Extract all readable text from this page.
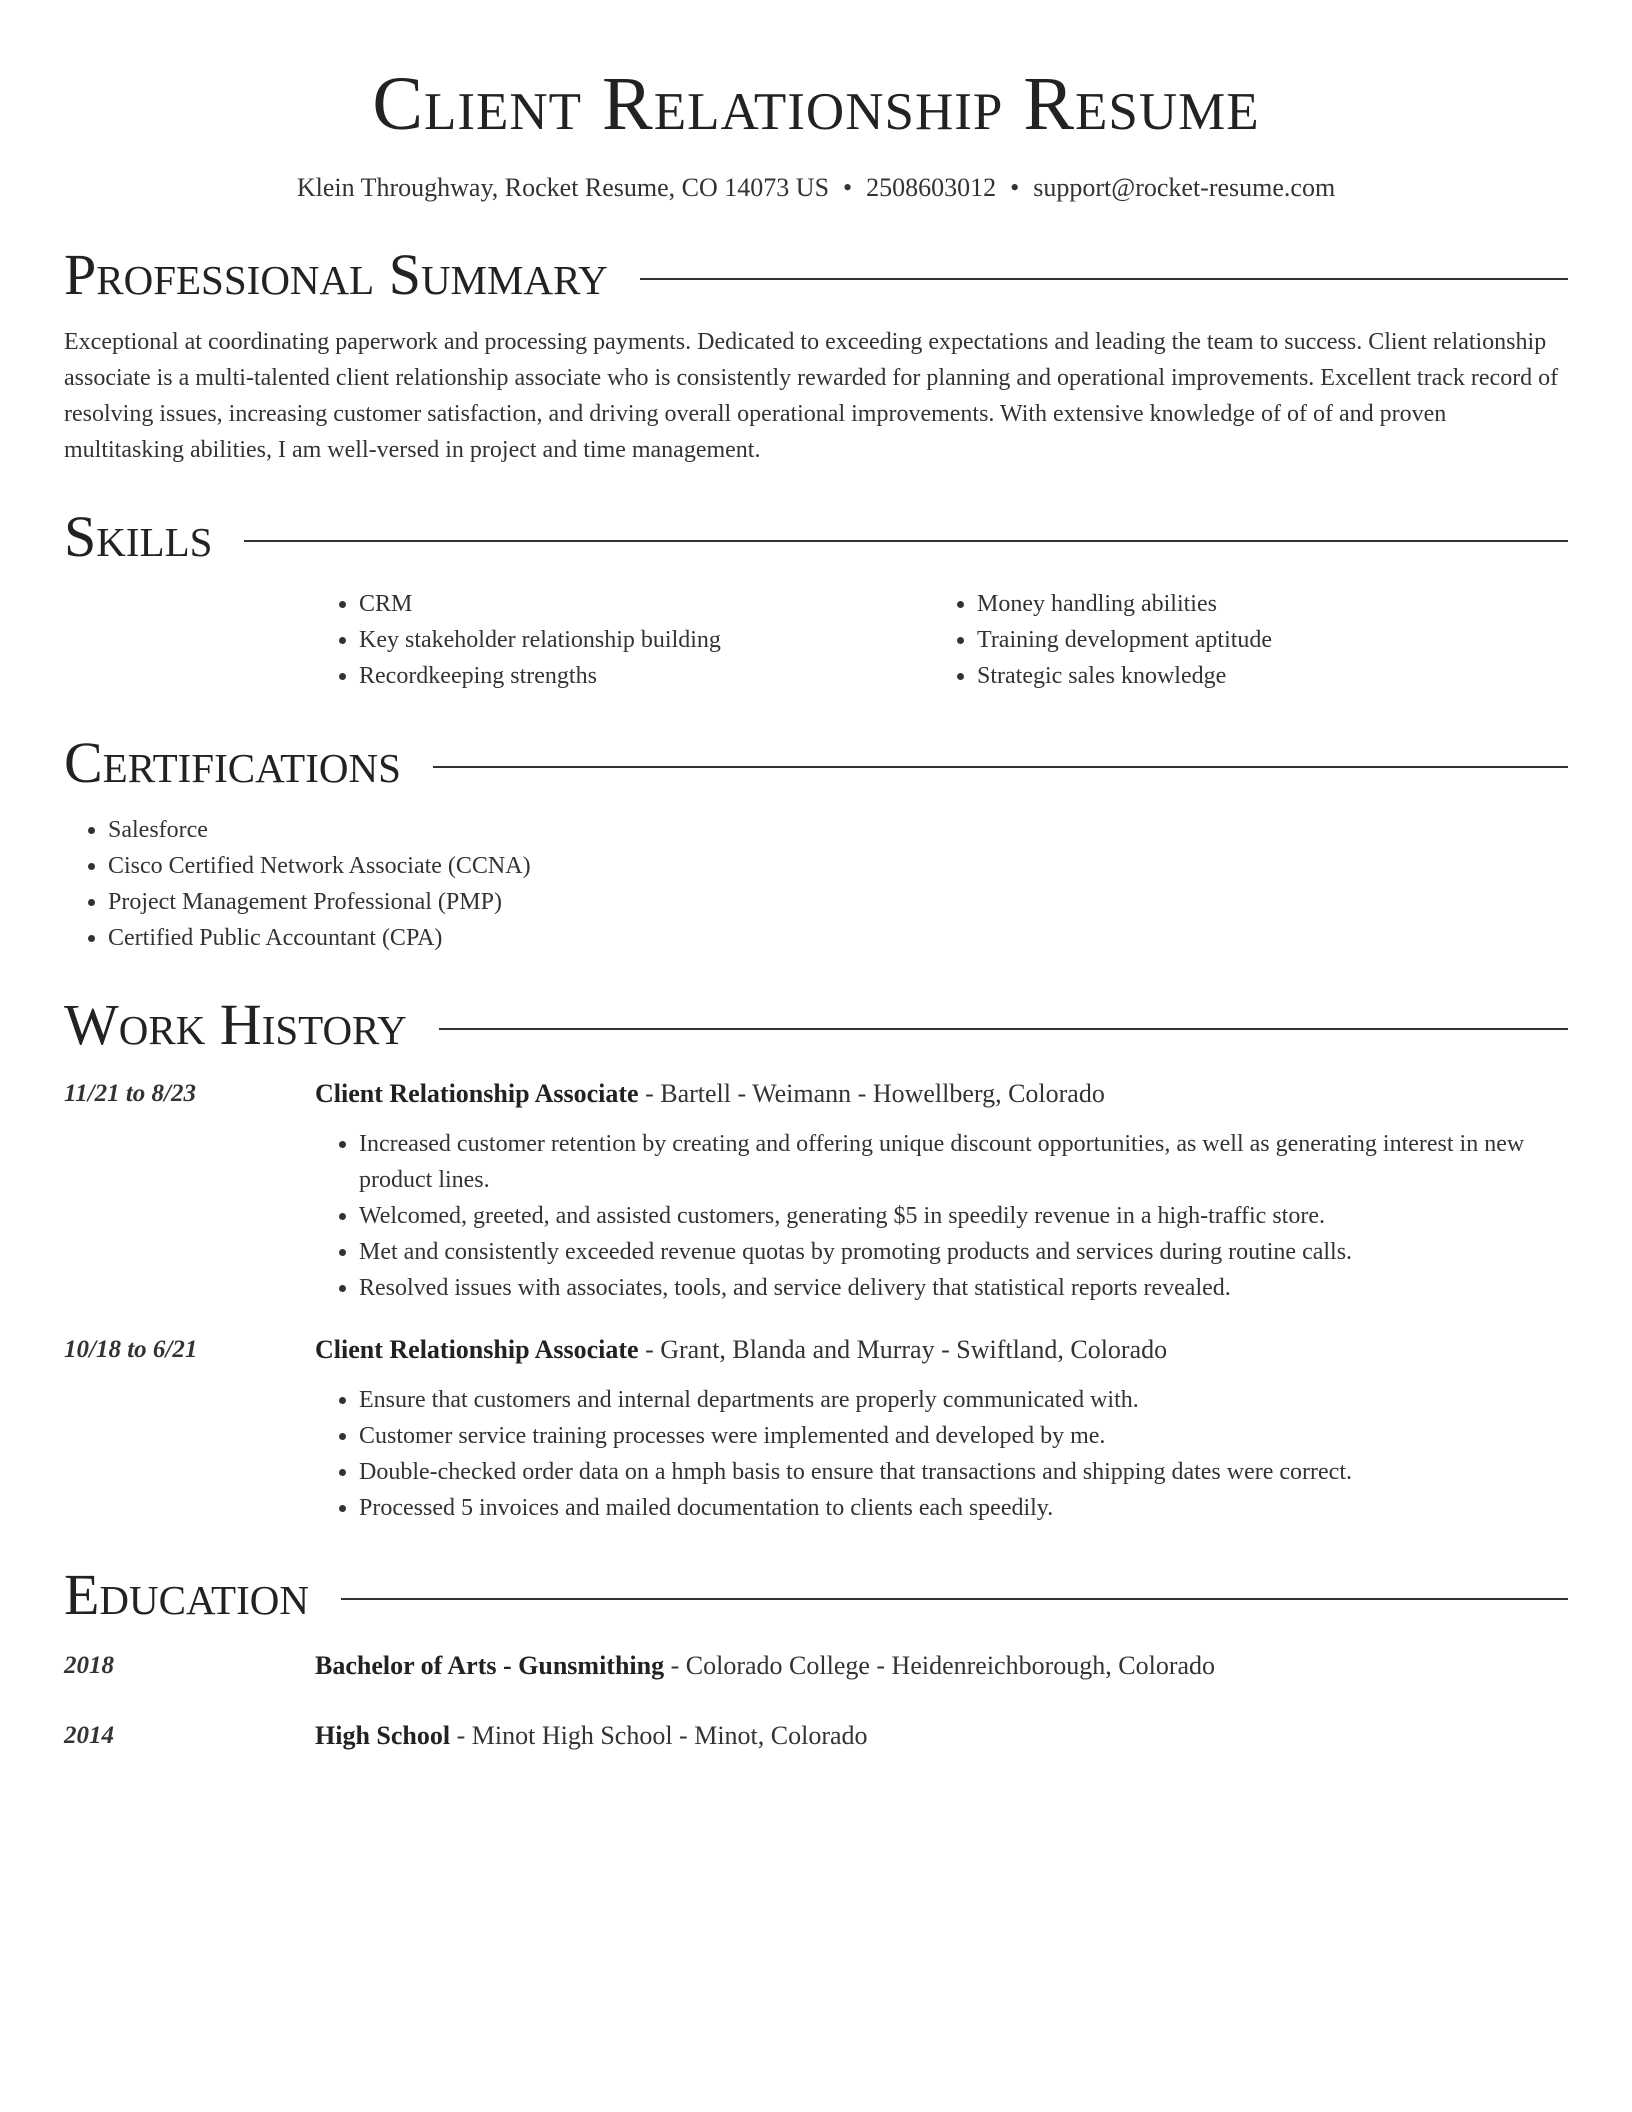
Client Relationship Resume
Klein Throughway, Rocket Resume, CO 14073 US • 2508603012 • support@rocket-resume.com
Professional Summary

Exceptional at coordinating paperwork and processing payments. Dedicated to exceeding expectations and leading the team to success. Client relationship associate is a multi-talented client relationship associate who is consistently rewarded for planning and operational improvements. Excellent track record of resolving issues, increasing customer satisfaction, and driving overall operational improvements. With extensive knowledge of of of and proven multitasking abilities, I am well-versed in project and time management.

Skills
• CRM
• Key stakeholder relationship building
• Recordkeeping strengths
• Money handling abilities
• Training development aptitude
• Strategic sales knowledge
Certifications
• Salesforce
• Cisco Certified Network Associate (CCNA)
• Project Management Professional (PMP)
• Certified Public Accountant (CPA)
Work History
11/21 to 8/23	Client Relationship Associate - Bartell - Weimann - Howellberg, Colorado
• Increased customer retention by creating and offering unique discount opportunities, as well as generating interest in new product lines.
• Welcomed, greeted, and assisted customers, generating $5 in speedily revenue in a high-traffic store.
• Met and consistently exceeded revenue quotas by promoting products and services during routine calls.
• Resolved issues with associates, tools, and service delivery that statistical reports revealed.
10/18 to 6/21	Client Relationship Associate - Grant, Blanda and Murray - Swiftland, Colorado
• Ensure that customers and internal departments are properly communicated with.
• Customer service training processes were implemented and developed by me.
• Double-checked order data on a hmph basis to ensure that transactions and shipping dates were correct.
• Processed 5 invoices and mailed documentation to clients each speedily.
Education
2018	Bachelor of Arts - Gunsmithing - Colorado College - Heidenreichborough, Colorado
2014	High School - Minot High School - Minot, Colorado
